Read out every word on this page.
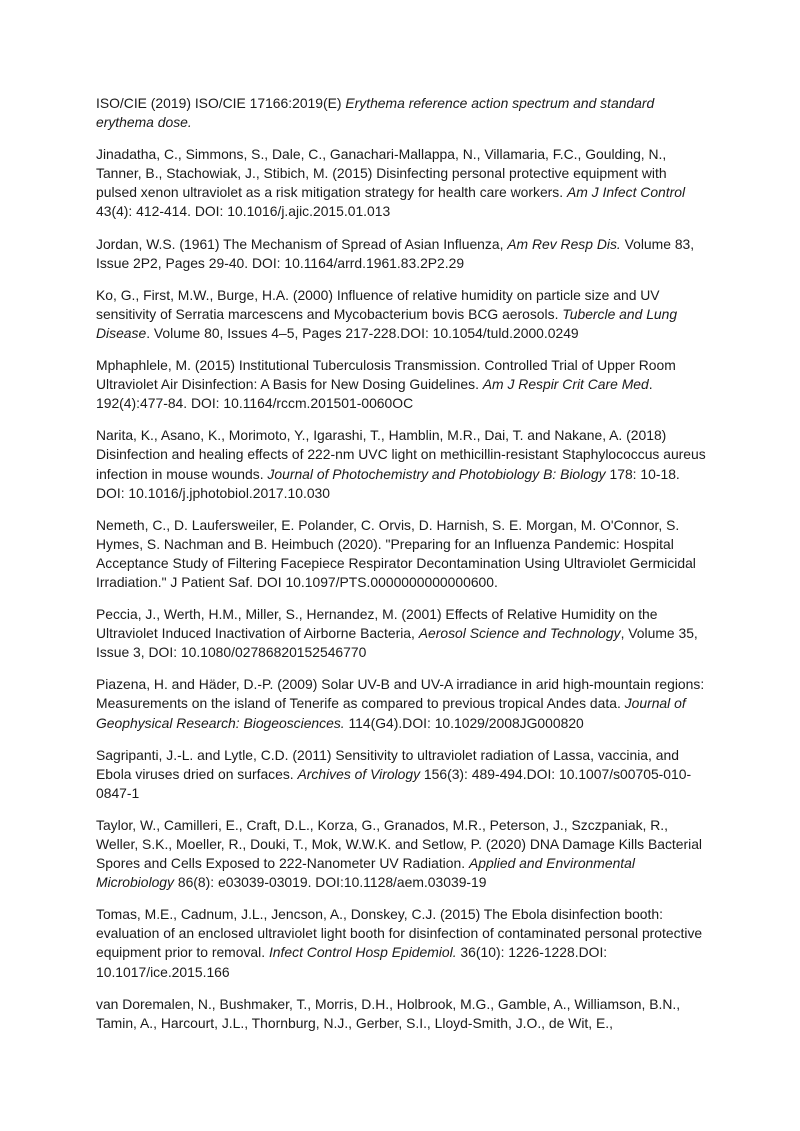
ISO/CIE (2019) ISO/CIE 17166:2019(E) Erythema reference action spectrum and standard erythema dose.

Jinadatha, C., Simmons, S., Dale, C., Ganachari-Mallappa, N., Villamaria, F.C., Goulding, N., Tanner, B., Stachowiak, J., Stibich, M. (2015) Disinfecting personal protective equipment with pulsed xenon ultraviolet as a risk mitigation strategy for health care workers. Am J Infect Control 43(4): 412-414. DOI: 10.1016/j.ajic.2015.01.013

Jordan, W.S. (1961) The Mechanism of Spread of Asian Influenza, Am Rev Resp Dis. Volume 83, Issue 2P2, Pages 29-40. DOI: 10.1164/arrd.1961.83.2P2.29

Ko, G., First, M.W., Burge, H.A. (2000) Influence of relative humidity on particle size and UV sensitivity of Serratia marcescens and Mycobacterium bovis BCG aerosols. Tubercle and Lung Disease. Volume 80, Issues 4–5, Pages 217-228.DOI: 10.1054/tuld.2000.0249

Mphaphlele, M. (2015) Institutional Tuberculosis Transmission. Controlled Trial of Upper Room Ultraviolet Air Disinfection: A Basis for New Dosing Guidelines. Am J Respir Crit Care Med. 192(4):477-84. DOI: 10.1164/rccm.201501-0060OC

Narita, K., Asano, K., Morimoto, Y., Igarashi, T., Hamblin, M.R., Dai, T. and Nakane, A. (2018) Disinfection and healing effects of 222-nm UVC light on methicillin-resistant Staphylococcus aureus infection in mouse wounds. Journal of Photochemistry and Photobiology B: Biology 178: 10-18. DOI: 10.1016/j.jphotobiol.2017.10.030

Nemeth, C., D. Laufersweiler, E. Polander, C. Orvis, D. Harnish, S. E. Morgan, M. O'Connor, S. Hymes, S. Nachman and B. Heimbuch (2020). "Preparing for an Influenza Pandemic: Hospital Acceptance Study of Filtering Facepiece Respirator Decontamination Using Ultraviolet Germicidal Irradiation." J Patient Saf. DOI 10.1097/PTS.0000000000000600.

Peccia, J., Werth, H.M., Miller, S., Hernandez, M. (2001) Effects of Relative Humidity on the Ultraviolet Induced Inactivation of Airborne Bacteria, Aerosol Science and Technology, Volume 35, Issue 3, DOI: 10.1080/02786820152546770

Piazena, H. and Häder, D.-P. (2009) Solar UV-B and UV-A irradiance in arid high-mountain regions: Measurements on the island of Tenerife as compared to previous tropical Andes data. Journal of Geophysical Research: Biogeosciences. 114(G4).DOI: 10.1029/2008JG000820

Sagripanti, J.-L. and Lytle, C.D. (2011) Sensitivity to ultraviolet radiation of Lassa, vaccinia, and Ebola viruses dried on surfaces. Archives of Virology 156(3): 489-494.DOI: 10.1007/s00705-010-0847-1

Taylor, W., Camilleri, E., Craft, D.L., Korza, G., Granados, M.R., Peterson, J., Szczpaniak, R., Weller, S.K., Moeller, R., Douki, T., Mok, W.W.K. and Setlow, P. (2020) DNA Damage Kills Bacterial Spores and Cells Exposed to 222-Nanometer UV Radiation. Applied and Environmental Microbiology 86(8): e03039-03019. DOI:10.1128/aem.03039-19

Tomas, M.E., Cadnum, J.L., Jencson, A., Donskey, C.J. (2015) The Ebola disinfection booth: evaluation of an enclosed ultraviolet light booth for disinfection of contaminated personal protective equipment prior to removal. Infect Control Hosp Epidemiol. 36(10): 1226-1228.DOI: 10.1017/ice.2015.166

van Doremalen, N., Bushmaker, T., Morris, D.H., Holbrook, M.G., Gamble, A., Williamson, B.N., Tamin, A., Harcourt, J.L., Thornburg, N.J., Gerber, S.I., Lloyd-Smith, J.O., de Wit, E.,
